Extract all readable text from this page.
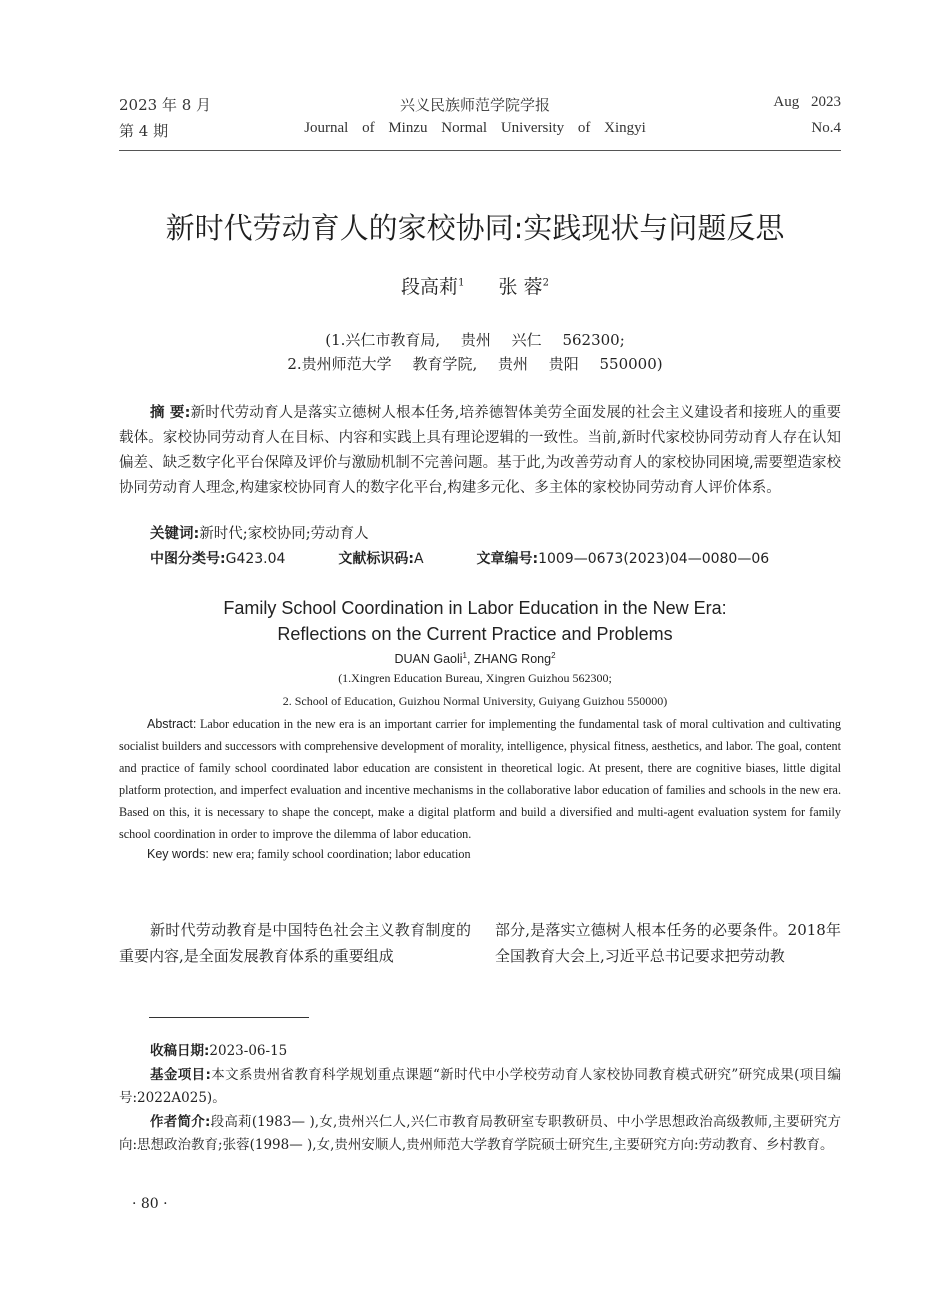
2023 年 8 月
第 4 期
兴义民族师范学院学报
Journal of Minzu Normal University of Xingyi
Aug 2023
No.4
新时代劳动育人的家校协同:实践现状与问题反思
段高莉$^1$ 张 蓉$^2$
(1.兴仁市教育局, 贵州 兴仁 562300;
2.贵州师范大学 教育学院, 贵州 贵阳 550000)
摘 要:新时代劳动育人是落实立德树人根本任务,培养德智体美劳全面发展的社会主义建设者和接班人的重要载体。家校协同劳动育人在目标、内容和实践上具有理论逻辑的一致性。当前,新时代家校协同劳动育人存在认知偏差、缺乏数字化平台保障及评价与激励机制不完善问题。基于此,为改善劳动育人的家校协同困境,需要塑造家校协同劳动育人理念,构建家校协同育人的数字化平台,构建多元化、多主体的家校协同劳动育人评价体系。
关键词:新时代;家校协同;劳动育人
中图分类号:G423.04	文献标识码:A	文章编号:1009—0673(2023)04—0080—06
Family School Coordination in Labor Education in the New Era:
Reflections on the Current Practice and Problems
DUAN Gaoli$^1$, ZHANG Rong$^2$
(1.Xingren Education Bureau, Xingren Guizhou 562300;
2. School of Education, Guizhou Normal University, Guiyang Guizhou 550000)
Abstract: Labor education in the new era is an important carrier for implementing the fundamental task of moral cultivation and cultivating socialist builders and successors with comprehensive development of morality, intelligence, physical fitness, aesthetics, and labor. The goal, content and practice of family school coordinated labor education are consistent in theoretical logic. At present, there are cognitive biases, little digital platform protection, and imperfect evaluation and incentive mechanisms in the collaborative labor education of families and schools in the new era. Based on this, it is necessary to shape the concept, make a digital platform and build a diversified and multi-agent evaluation system for family school coordination in order to improve the dilemma of labor education.
Key words: new era; family school coordination; labor education
新时代劳动教育是中国特色社会主义教育制度的重要内容,是全面发展教育体系的重要组成
部分,是落实立德树人根本任务的必要条件。2018年全国教育大会上,习近平总书记要求把劳动教
收稿日期:2023-06-15
基金项目:本文系贵州省教育科学规划重点课题“新时代中小学校劳动育人家校协同教育模式研究”研究成果(项目编号:2022A025)。
作者简介:段高莉(1983— ),女,贵州兴仁人,兴仁市教育局教研室专职教研员、中小学思想政治高级教师,主要研究方向:思想政治教育;张蓉(1998— ),女,贵州安顺人,贵州师范大学教育学院硕士研究生,主要研究方向:劳动教育、乡村教育。
· 80 ·
